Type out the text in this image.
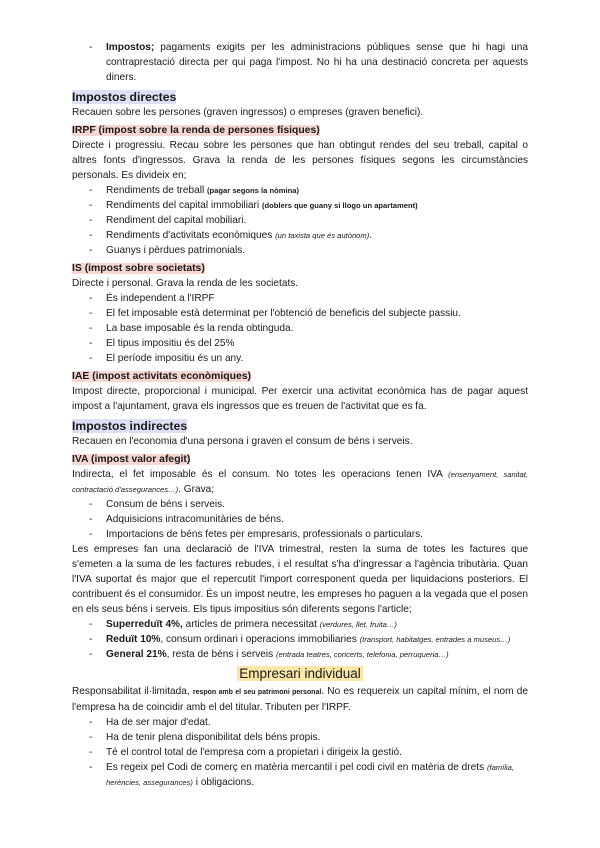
- Impostos; pagaments exigits per les administracions públiques sense que hi hagi una contraprestació directa per qui paga l'impost. No hi ha una destinació concreta per aquests diners.
Impostos directes

Recauen sobre les persones (graven ingressos) o empreses (graven benefici).

IRPF (impost sobre la renda de persones físiques)

Directe i progressiu. Recau sobre les persones que han obtingut rendes del seu treball, capital o altres fonts d'ingressos. Grava la renda de les persones físiques segons les circumstàncies personals. Es divideix en;

- Rendiments de treball (pagar segons la nòmina)
- Rendiments del capital immobiliari (doblers que guany si llogo un apartament)
- Rendiment del capital mobiliari.
- Rendiments d'activitats econòmiques (un taxista que és autònom).
- Guanys i pèrdues patrimonials.
IS (impost sobre societats)

Directe i personal. Grava la renda de les societats.

- És independent a l'IRPF
- El fet imposable està determinat per l'obtenció de beneficis del subjecte passiu.
- La base imposable és la renda obtinguda.
- El tipus impositiu és del 25%
- El període impositiu és un any.
IAE (impost activitats econòmiques)

Impost directe, proporcional i municipal. Per exercir una activitat econòmica has de pagar aquest impost a l'ajuntament, grava els ingressos que es treuen de l'activitat que es fa.

Impostos indirectes

Recauen en l'economia d'una persona i graven el consum de béns i serveis.

IVA (impost valor afegit)

Indirecta, el fet imposable és el consum. No totes les operacions tenen IVA (ensenyament, sanitat, contractació d'assegurances…). Grava;

- Consum de béns i serveis.
- Adquisicions intracomunitàries de béns.
- Importacions de béns fetes per empresaris, professionals o particulars.

Les empreses fan una declaració de l'IVA trimestral, resten la suma de totes les factures que s'emeten a la suma de les factures rebudes, i el resultat s'ha d'ingressar a l'agència tributària. Quan l'IVA suportat és major que el repercutit l'import corresponent queda per liquidacions posteriors. El contribuent és el consumidor. És un impost neutre, les empreses ho paguen a la vegada que el posen en els seus béns i serveis. Els tipus impositius són diferents segons l'article;

- Superreduït 4%, articles de primera necessitat (verdures, llet, fruita…)
- Reduït 10%, consum ordinari i operacions immobiliaries (transport, habitatges, entrades a museus…)
- General 21%, resta de béns i serveis (entrada teatres, concerts, telefonia, perruqueria…)
Empresari individual

Responsabilitat il·limitada, respon amb el seu patrimoni personal. No es requereix un capital mínim, el nom de l'empresa ha de coincidir amb el del titular. Tributen per l'IRPF.

- Ha de ser major d'edat.
- Ha de tenir plena disponibilitat dels béns propis.
- Té el control total de l'empresa com a propietari i dirigeix la gestió.
- Es regeix pel Codi de comerç en matèria mercantil i pel codi civil en matèria de drets (família, herències, assegurances) i obligacions.
